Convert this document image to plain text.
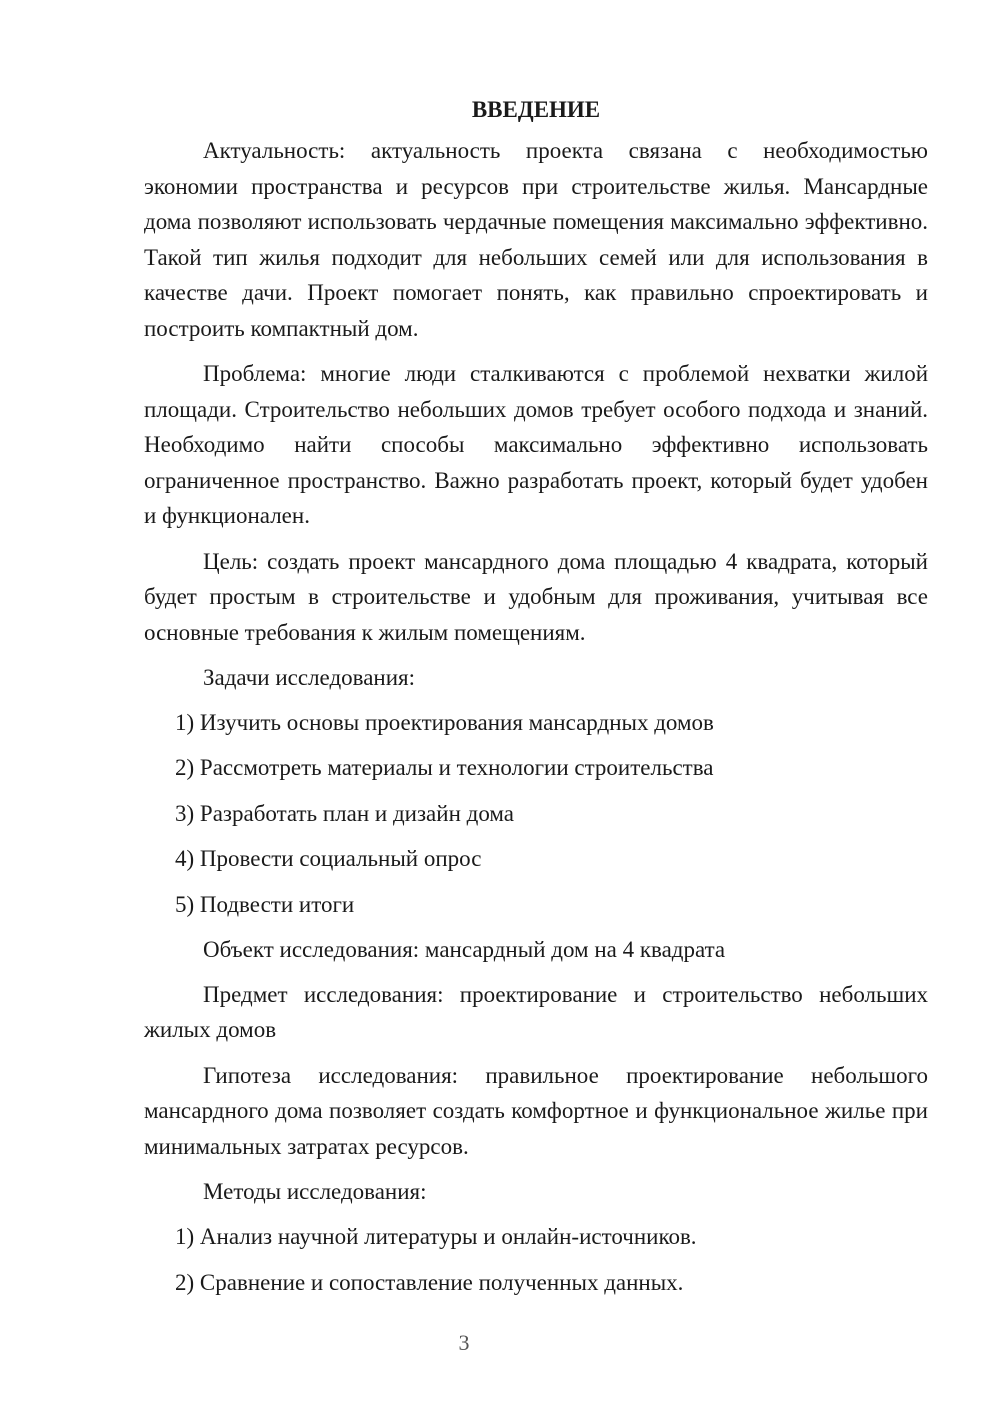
ВВЕДЕНИЕ

Актуальность: актуальность проекта связана с необходимостью экономии пространства и ресурсов при строительстве жилья. Мансардные дома позволяют использовать чердачные помещения максимально эффективно. Такой тип жилья подходит для небольших семей или для использования в качестве дачи. Проект помогает понять, как правильно спроектировать и построить компактный дом.

Проблема: многие люди сталкиваются с проблемой нехватки жилой площади. Строительство небольших домов требует особого подхода и знаний. Необходимо найти способы максимально эффективно использовать ограниченное пространство. Важно разработать проект, который будет удобен и функционален.

Цель: создать проект мансардного дома площадью 4 квадрата, который будет простым в строительстве и удобным для проживания, учитывая все основные требования к жилым помещениям.

Задачи исследования:

1) Изучить основы проектирования мансардных домов

2) Рассмотреть материалы и технологии строительства

3) Разработать план и дизайн дома

4) Провести социальный опрос

5) Подвести итоги

Объект исследования: мансардный дом на 4 квадрата

Предмет исследования: проектирование и строительство небольших жилых домов

Гипотеза исследования: правильное проектирование небольшого мансардного дома позволяет создать комфортное и функциональное жилье при минимальных затратах ресурсов.

Методы исследования:

1) Анализ научной литературы и онлайн-источников.

2) Сравнение и сопоставление полученных данных.

3
